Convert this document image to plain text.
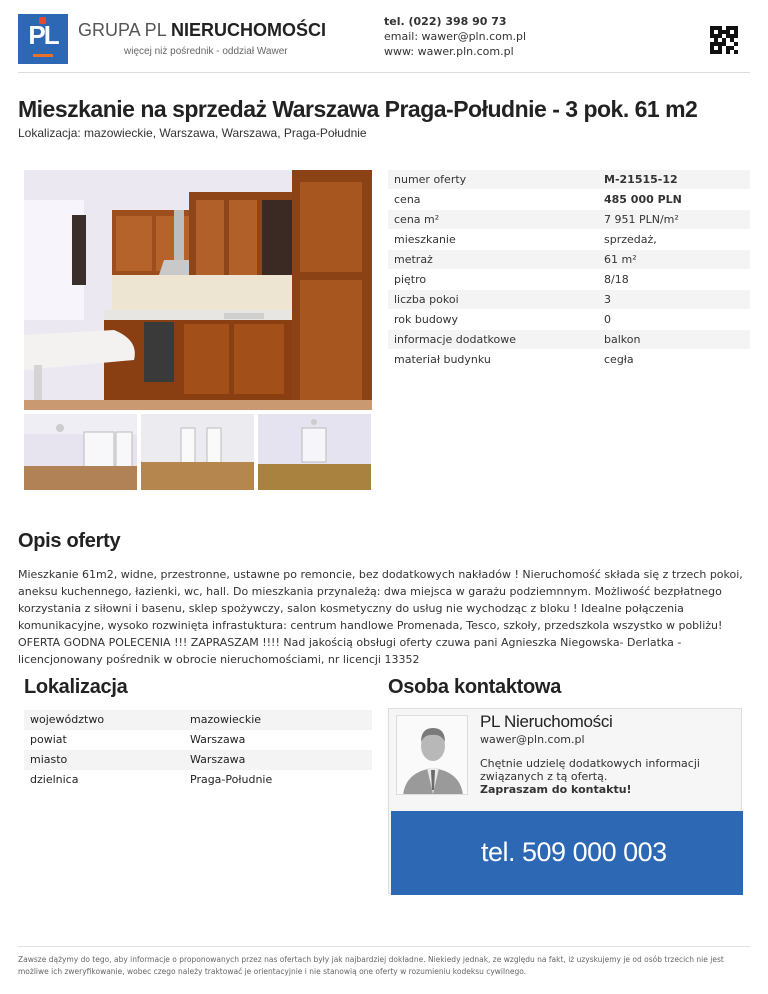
PL	GRUPA PL NIERUCHOMOŚCI
więcej niż pośrednik - oddział Wawer
tel. (022) 398 90 73
email: wawer@pln.com.pl
www: wawer.pln.com.pl
Mieszkanie na sprzedaż Warszawa Praga-Południe - 3 pok. 61 m2
Lokalizacja: mazowieckie, Warszawa, Warszawa, Praga-Południe
numer oferty	M-21515-12
cena	485 000 PLN
cena m²	7 951 PLN/m²
mieszkanie	sprzedaż,
metraż	61 m²
piętro	8/18
liczba pokoi	3
rok budowy	0
informacje dodatkowe	balkon
materiał budynku	cegła
Opis oferty

Mieszkanie 61m2, widne, przestronne, ustawne po remoncie, bez dodatkowych nakładów ! Nieruchomość składa się z trzech pokoi, aneksu kuchennego, łazienki, wc, hall. Do mieszkania przynależą: dwa miejsca w garażu podziemnnym. Możliwość bezpłatnego korzystania z siłowni i basenu, sklep spożywczy, salon kosmetyczny do usług nie wychodząc z bloku ! Idealne połączenia komunikacyjne, wysoko rozwinięta infrastuktura: centrum handlowe Promenada, Tesco, szkoły, przedszkola wszystko w pobliżu! OFERTA GODNA POLECENIA !!! ZAPRASZAM !!!! Nad jakością obsługi oferty czuwa pani Agnieszka Niegowska- Derlatka - licencjonowany pośrednik w obrocie nieruchomościami, nr licencji 13352

Lokalizacja
województwo	mazowieckie
powiat	Warszawa
miasto	Warszawa
dzielnica	Praga-Południe
Osoba kontaktowa
PL Nieruchomości
wawer@pln.com.pl
Chętnie udzielę dodatkowych informacji związanych z tą ofertą.
Zapraszam do kontaktu!
tel. 509 000 003

Zawsze dążymy do tego, aby informacje o proponowanych przez nas ofertach były jak najbardziej dokładne. Niekiedy jednak, ze względu na fakt, iż uzyskujemy je od osób trzecich nie jest możliwe ich zweryfikowanie, wobec czego należy traktować je orientacyjnie i nie stanowią one oferty w rozumieniu kodeksu cywilnego.
